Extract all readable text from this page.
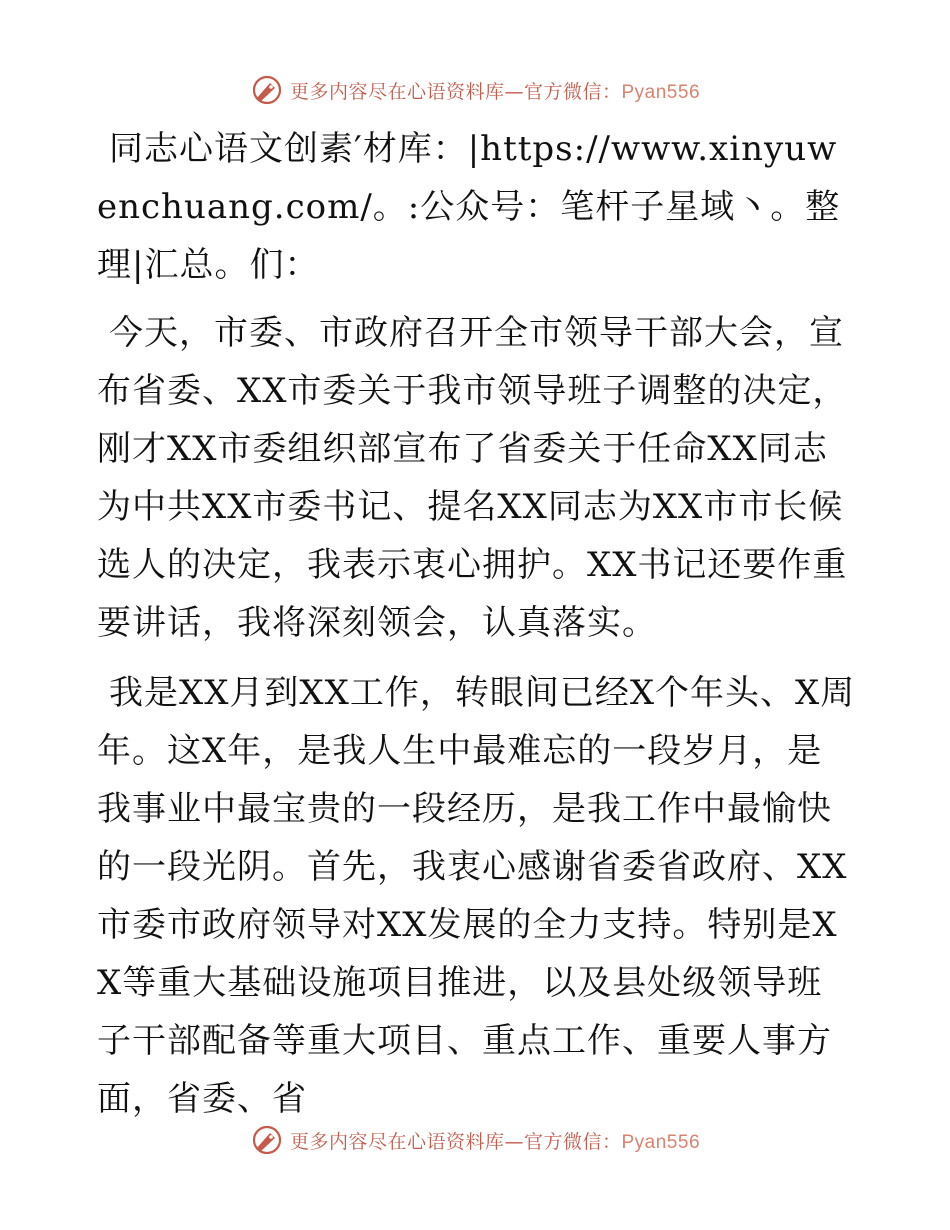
更多内容尽在心语资料库—官方微信：Pyan556

同志心语文创素′材库：|https://www.xinyuwenchuang.com/。:公众号：笔杆子星域丶。整理|汇总。们：

今天，市委、市政府召开全市领导干部大会，宣布省委、XX市委关于我市领导班子调整的决定，刚才XX市委组织部宣布了省委关于任命XX同志为中共XX市委书记、提名XX同志为XX市市长候选人的决定，我表示衷心拥护。XX书记还要作重要讲话，我将深刻领会，认真落实。

我是XX月到XX工作，转眼间已经X个年头、X周年。这X年，是我人生中最难忘的一段岁月，是我事业中最宝贵的一段经历，是我工作中最愉快的一段光阴。首先，我衷心感谢省委省政府、XX市委市政府领导对XX发展的全力支持。特别是XX等重大基础设施项目推进，以及县处级领导班子干部配备等重大项目、重点工作、重要人事方面，省委、省

更多内容尽在心语资料库—官方微信：Pyan556
